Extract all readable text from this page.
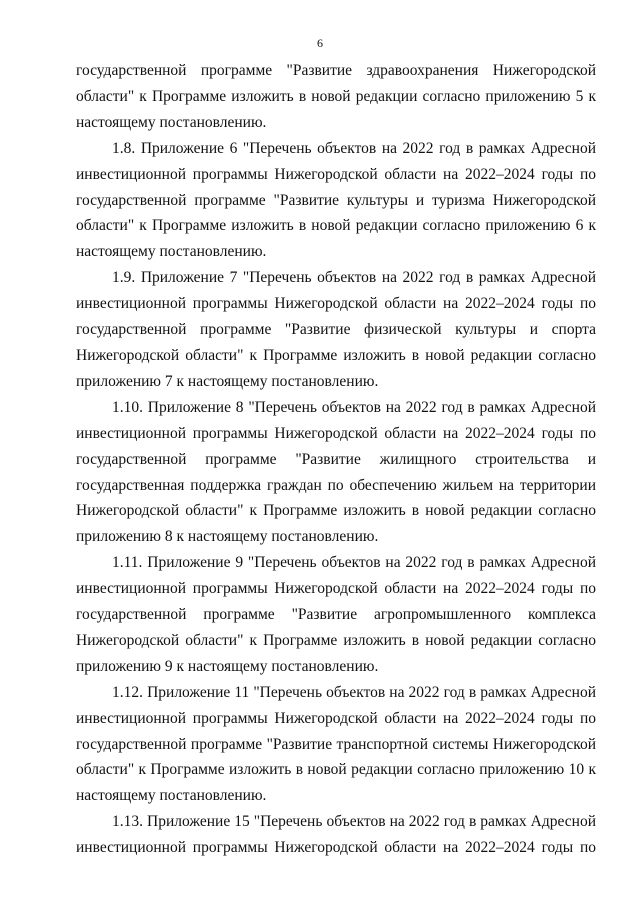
6

государственной программе "Развитие здравоохранения Нижегородской области" к Программе изложить в новой редакции согласно приложению 5 к настоящему постановлению.

1.8. Приложение 6 "Перечень объектов на 2022 год в рамках Адресной инвестиционной программы Нижегородской области на 2022–2024 годы по государственной программе "Развитие культуры и туризма Нижегородской области" к Программе изложить в новой редакции согласно приложению 6 к настоящему постановлению.

1.9. Приложение 7 "Перечень объектов на 2022 год в рамках Адресной инвестиционной программы Нижегородской области на 2022–2024 годы по государственной программе "Развитие физической культуры и спорта Нижегородской области" к Программе изложить в новой редакции согласно приложению 7 к настоящему постановлению.

1.10. Приложение 8 "Перечень объектов на 2022 год в рамках Адресной инвестиционной программы Нижегородской области на 2022–2024 годы по государственной программе "Развитие жилищного строительства и государственная поддержка граждан по обеспечению жильем на территории Нижегородской области" к Программе изложить в новой редакции согласно приложению 8 к настоящему постановлению.

1.11. Приложение 9 "Перечень объектов на 2022 год в рамках Адресной инвестиционной программы Нижегородской области на 2022–2024 годы по государственной программе "Развитие агропромышленного комплекса Нижегородской области" к Программе изложить в новой редакции согласно приложению 9 к настоящему постановлению.

1.12. Приложение 11 "Перечень объектов на 2022 год в рамках Адресной инвестиционной программы Нижегородской области на 2022–2024 годы по государственной программе "Развитие транспортной системы Нижегородской области" к Программе изложить в новой редакции согласно приложению 10 к настоящему постановлению.

1.13. Приложение 15 "Перечень объектов на 2022 год в рамках Адресной инвестиционной программы Нижегородской области на 2022–2024 годы по
